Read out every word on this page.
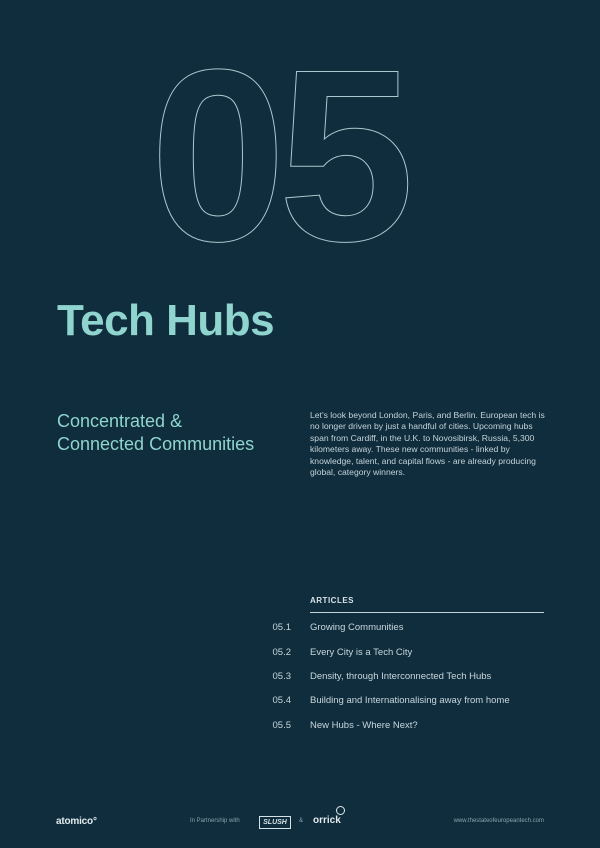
05
Tech Hubs
Concentrated &
Connected Communities
Let's look beyond London, Paris, and Berlin. European tech is no longer driven by just a handful of cities. Upcoming hubs span from Cardiff, in the U.K. to Novosibirsk, Russia, 5,300 kilometers away. These new communities - linked by knowledge, talent, and capital flows - are already producing global, category winners.
ARTICLES
05.1 Growing Communities
05.2 Every City is a Tech City
05.3 Density, through Interconnected Tech Hubs
05.4 Building and Internationalising away from home
05.5 New Hubs - Where Next?
atomico°	In Partnership with	SLUSH	& orrick	www.thestateofeuropeantech.com
